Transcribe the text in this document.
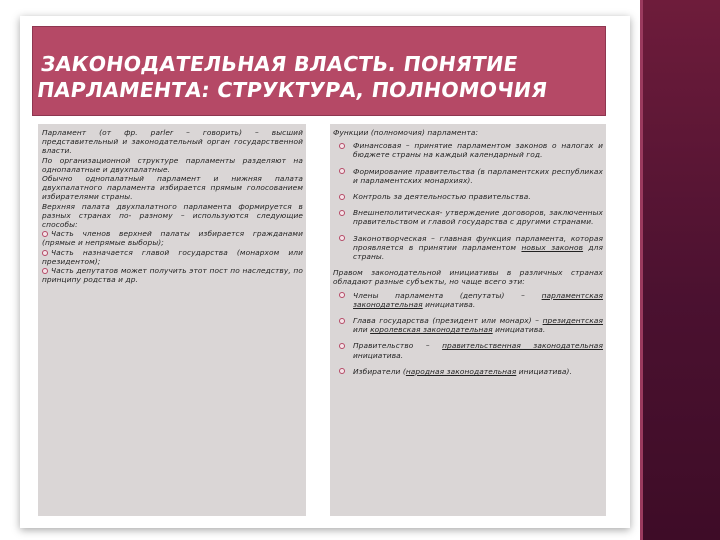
ЗАКОНОДАТЕЛЬНАЯ ВЛАСТЬ. ПОНЯТИЕ ПАРЛАМЕНТА: СТРУКТУРА, ПОЛНОМОЧИЯ

Парламент (от фр. parler – говорить) – высший представительный и законодательный орган государственной власти.

По организационной структуре парламенты разделяют на однопалатные и двухпалатные.

Обычно однопалатный парламент и нижняя палата двухпалатного парламента избирается прямым голосованием избирателями страны.

Верхняя палата двухпалатного парламента формируется в разных странах по- разному – используются следующие способы:

Часть членов верхней палаты избирается гражданами (прямые и непрямые выборы);

Часть назначается главой государства (монархом или президентом);

Часть депутатов может получить этот пост по наследству, по принципу родства и др.

Функции (полномочия) парламента:

Финансовая – принятие парламентом законов о налогах и бюджете страны на каждый календарный год.

Формирование правительства (в парламентских республиках и парламентских монархиях).

Контроль за деятельностью правительства.

Внешнеполитическая- утверждение договоров, заключенных правительством и главой государства с другими странами.

Законотворческая – главная функция парламента, которая проявляется в принятии парламентом новых законов для страны.

Правом законодательной инициативы в различных странах обладают разные субъекты, но чаще всего эти:

Члены парламента (депутаты) – парламентская законодательная инициатива.

Глава государства (президент или монарх) – президентская или королевская законодательная инициатива.

Правительство – правительственная законодательная инициатива.

Избиратели (народная законодательная инициатива).
